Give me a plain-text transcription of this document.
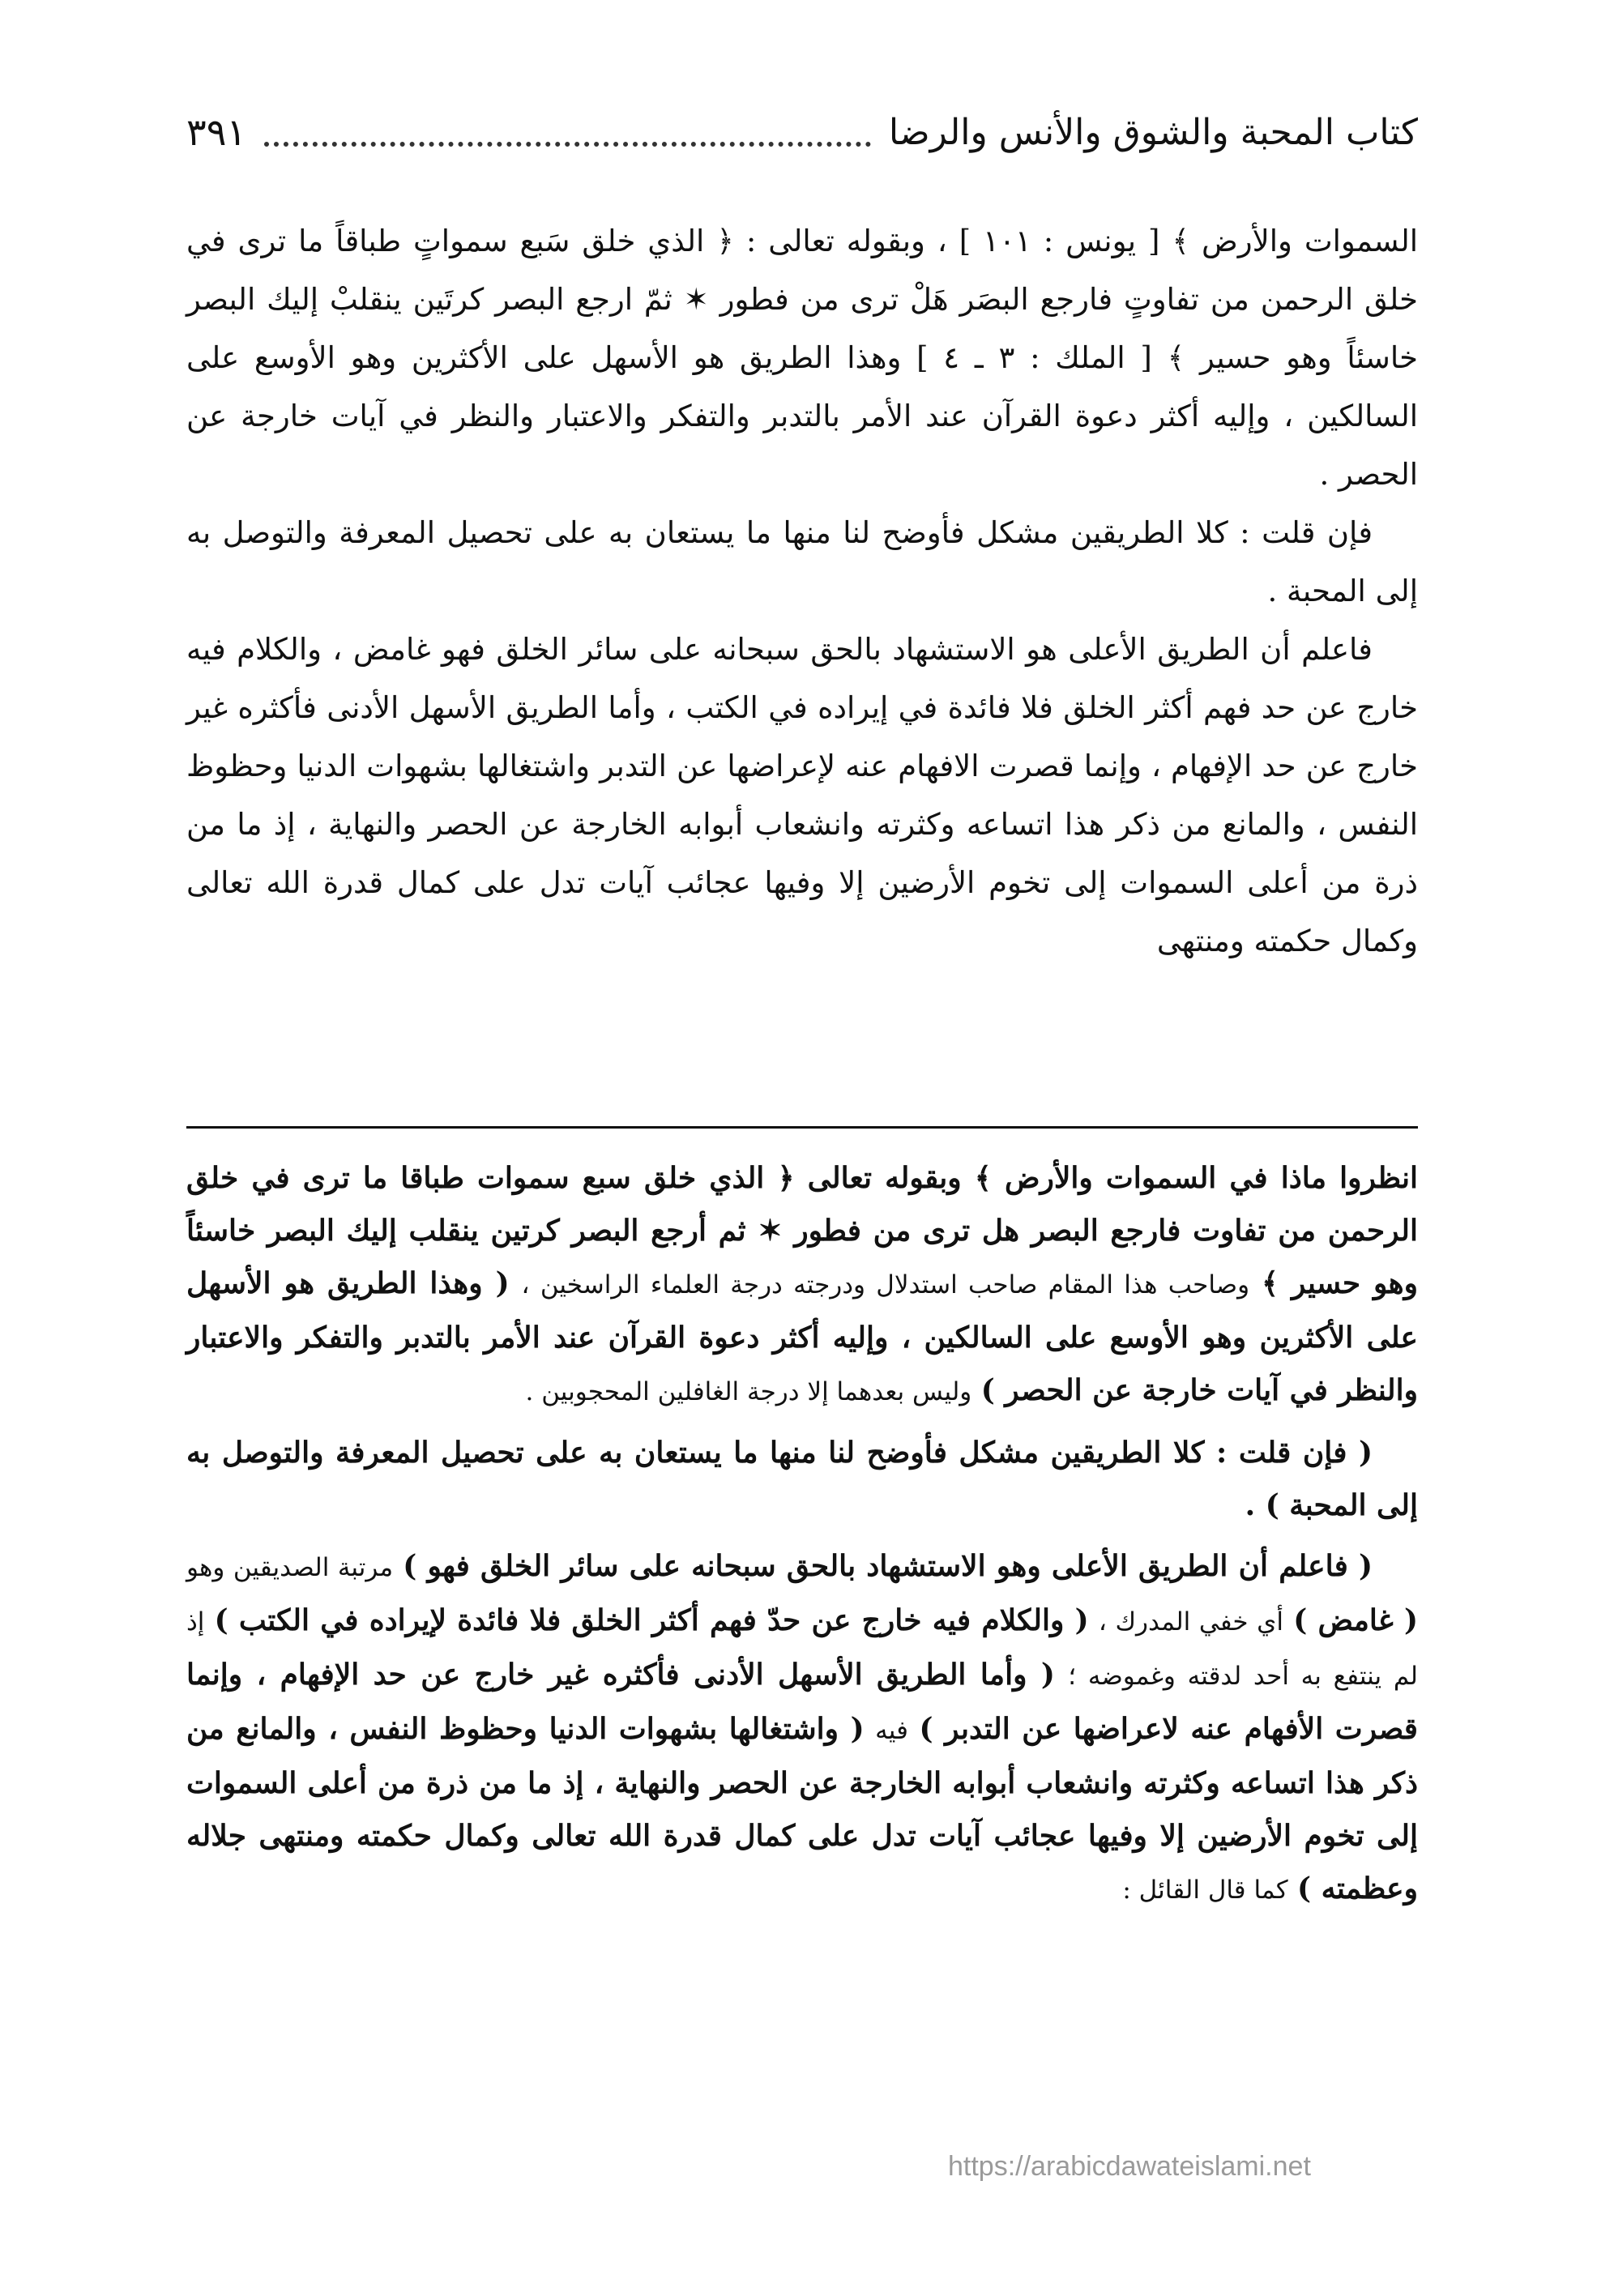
كتاب المحبة والشوق والأنس والرضا
٣٩١

السموات والأرض ﴾ [ يونس : ١٠١ ] ، وبقوله تعالى : ﴿ الذي خلق سَبع سمواتٍ طباقاً ما ترى في خلق الرحمن من تفاوتٍ فارجع البصَر هَلْ ترى من فطور ✶ ثمّ ارجع البصر كرتَين ينقلبْ إليك البصر خاسئاً وهو حسير ﴾ [ الملك : ٣ ـ ٤ ] وهذا الطريق هو الأسهل على الأكثرين وهو الأوسع على السالكين ، وإليه أكثر دعوة القرآن عند الأمر بالتدبر والتفكر والاعتبار والنظر في آيات خارجة عن الحصر .

فإن قلت : كلا الطريقين مشكل فأوضح لنا منها ما يستعان به على تحصيل المعرفة والتوصل به إلى المحبة .

فاعلم أن الطريق الأعلى هو الاستشهاد بالحق سبحانه على سائر الخلق فهو غامض ، والكلام فيه خارج عن حد فهم أكثر الخلق فلا فائدة في إيراده في الكتب ، وأما الطريق الأسهل الأدنى فأكثره غير خارج عن حد الإفهام ، وإنما قصرت الافهام عنه لإعراضها عن التدبر واشتغالها بشهوات الدنيا وحظوظ النفس ، والمانع من ذكر هذا اتساعه وكثرته وانشعاب أبوابه الخارجة عن الحصر والنهاية ، إذ ما من ذرة من أعلى السموات إلى تخوم الأرضين إلا وفيها عجائب آيات تدل على كمال قدرة الله تعالى وكمال حكمته ومنتهى

انظروا ماذا في السموات والأرض ﴾ وبقوله تعالى ﴿ الذي خلق سبع سموات طباقا ما ترى في خلق الرحمن من تفاوت فارجع البصر هل ترى من فطور ✶ ثم أرجع البصر كرتين ينقلب إليك البصر خاسئاً وهو حسير ﴾ وصاحب هذا المقام صاحب استدلال ودرجته درجة العلماء الراسخين ، ( وهذا الطريق هو الأسهل على الأكثرين وهو الأوسع على السالكين ، وإليه أكثر دعوة القرآن عند الأمر بالتدبر والتفكر والاعتبار والنظر في آيات خارجة عن الحصر ) وليس بعدهما إلا درجة الغافلين المحجوبين .

( فإن قلت : كلا الطريقين مشكل فأوضح لنا منها ما يستعان به على تحصيل المعرفة والتوصل به إلى المحبة ) .

( فاعلم أن الطريق الأعلى وهو الاستشهاد بالحق سبحانه على سائر الخلق فهو ) مرتبة الصديقين وهو ( غامض ) أي خفي المدرك ، ( والكلام فيه خارج عن حدّ فهم أكثر الخلق فلا فائدة لإيراده في الكتب ) إذ لم ينتفع به أحد لدقته وغموضه ؛ ( وأما الطريق الأسهل الأدنى فأكثره غير خارج عن حد الإفهام ، وإنما قصرت الأفهام عنه لاعراضها عن التدبر ) فيه ( واشتغالها بشهوات الدنيا وحظوظ النفس ، والمانع من ذكر هذا اتساعه وكثرته وانشعاب أبوابه الخارجة عن الحصر والنهاية ، إذ ما من ذرة من أعلى السموات إلى تخوم الأرضين إلا وفيها عجائب آيات تدل على كمال قدرة الله تعالى وكمال حكمته ومنتهى جلاله وعظمته ) كما قال القائل :

https://arabicdawateislami.net
